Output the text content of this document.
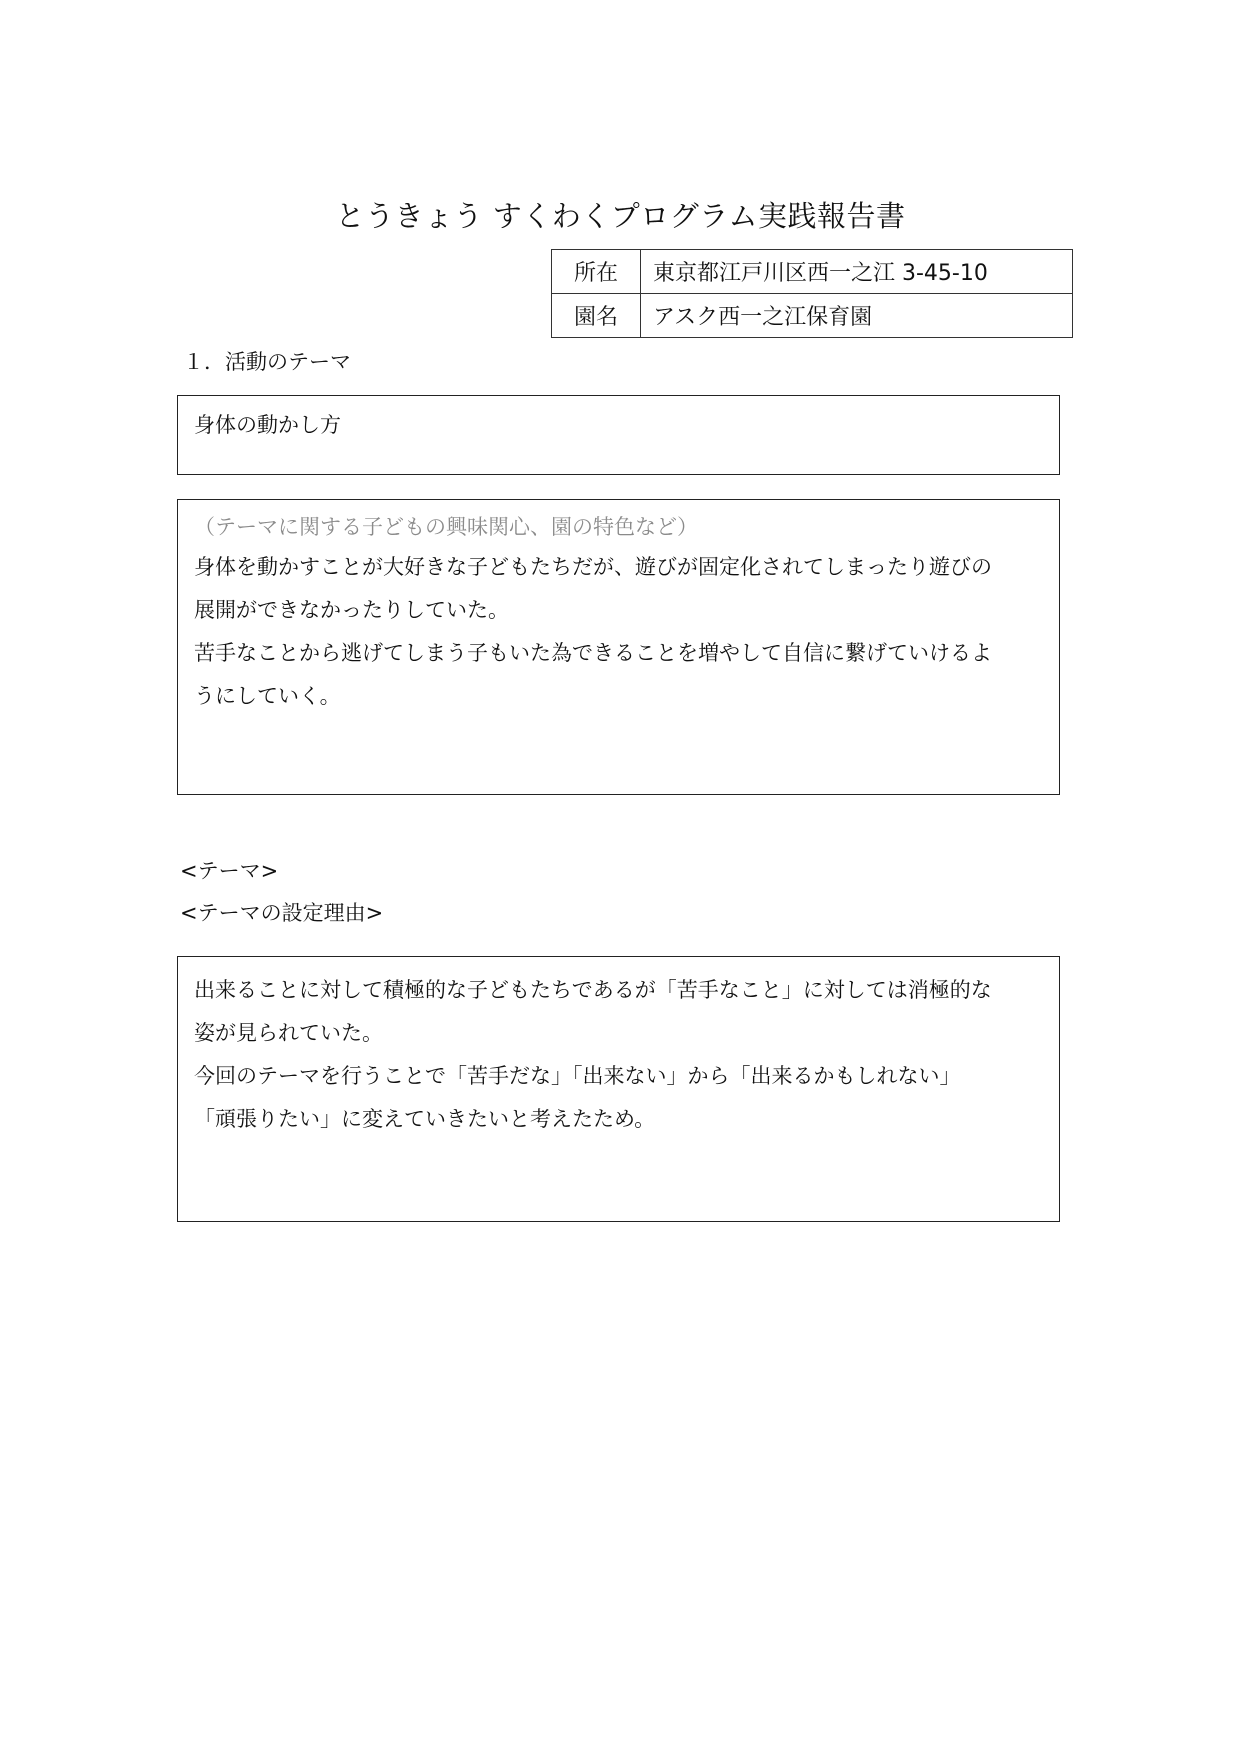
とうきょう すくわくプログラム実践報告書
所在	東京都江戸川区西一之江 3-45-10
園名	アスク西一之江保育園
１．活動のテーマ
身体の動かし方
（テーマに関する子どもの興味関心、園の特色など）
身体を動かすことが大好きな子どもたちだが、遊びが固定化されてしまったり遊びの
展開ができなかったりしていた。
苦手なことから逃げてしまう子もいた為できることを増やして自信に繋げていけるよ
うにしていく。
<テーマ>
<テーマの設定理由>
出来ることに対して積極的な子どもたちであるが「苦手なこと」に対しては消極的な
姿が見られていた。
今回のテーマを行うことで「苦手だな」「出来ない」から「出来るかもしれない」
「頑張りたい」に変えていきたいと考えたため。
